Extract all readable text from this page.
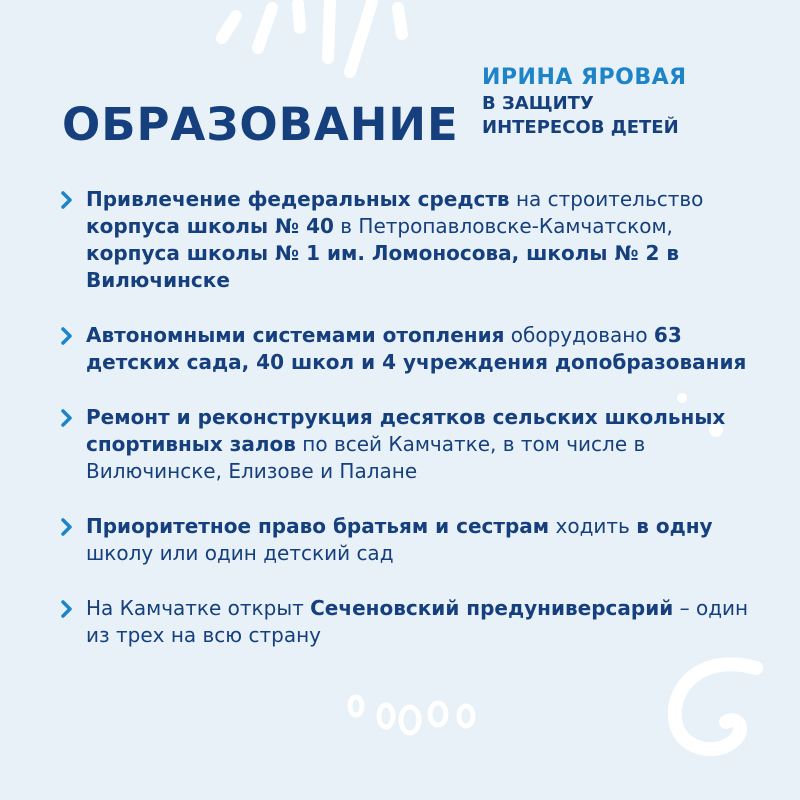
ОБРАЗОВАНИЕ
ИРИНА ЯРОВАЯ
В ЗАЩИТУ
ИНТЕРЕСОВ ДЕТЕЙ
Привлечение федеральных средств на строительство корпуса школы № 40 в Петропавловске-Камчатском, корпуса школы № 1 им. Ломоносова, школы № 2 в Вилючинске
Автономными системами отопления оборудовано 63 детских сада, 40 школ и 4 учреждения допобразования
Ремонт и реконструкция десятков сельских школьных спортивных залов по всей Камчатке, в том числе в Вилючинске, Елизове и Палане
Приоритетное право братьям и сестрам ходить в одну школу или один детский сад
На Камчатке открыт Сеченовский предуниверсарий – один из трех на всю страну
